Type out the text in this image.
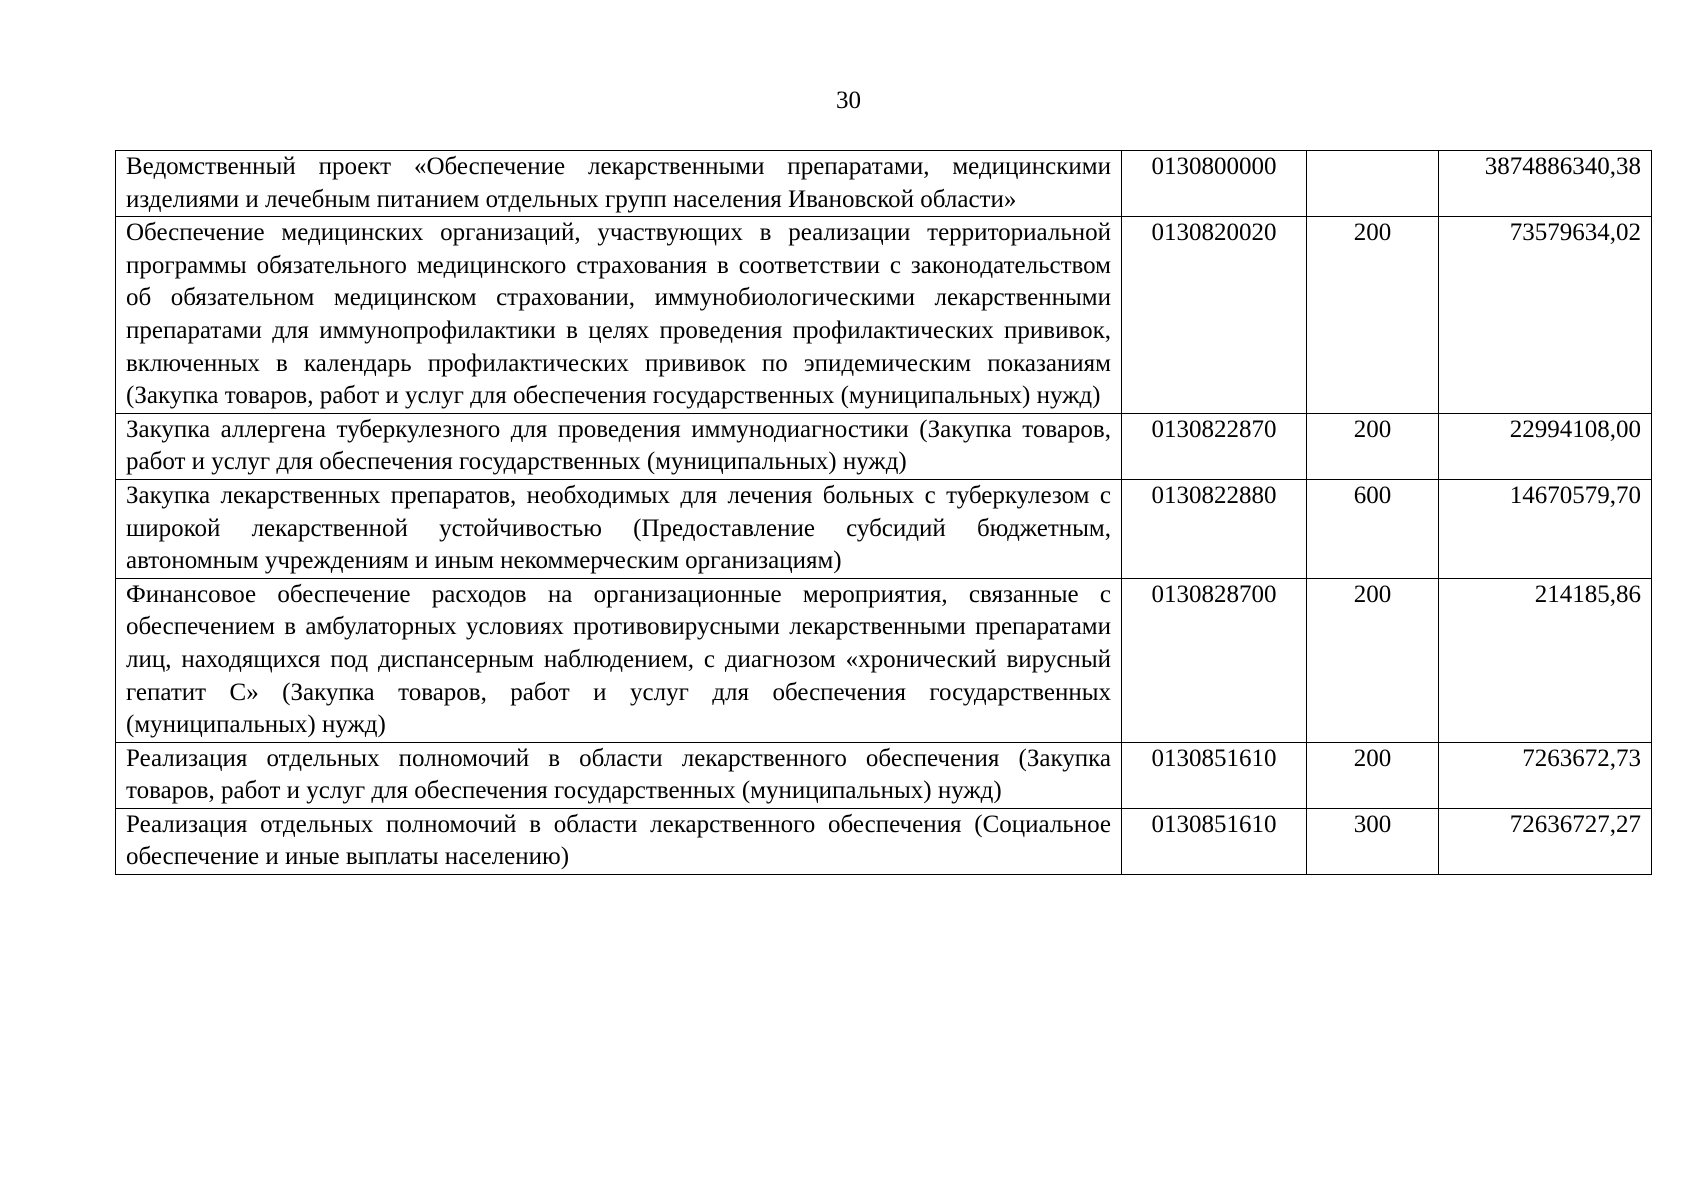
30
Ведомственный проект «Обеспечение лекарственными препаратами, медицинскими изделиями и лечебным питанием отдельных групп населения Ивановской области»	0130800000		3874886340,38
Обеспечение медицинских организаций, участвующих в реализации территориальной программы обязательного медицинского страхования в соответствии с законодательством об обязательном медицинском страховании, иммунобиологическими лекарственными препаратами для иммунопрофилактики в целях проведения профилактических прививок, включенных в календарь профилактических прививок по эпидемическим показаниям (Закупка товаров, работ и услуг для обеспечения государственных (муниципальных) нужд)	0130820020	200	73579634,02
Закупка аллергена туберкулезного для проведения иммунодиагностики (Закупка товаров, работ и услуг для обеспечения государственных (муниципальных) нужд)	0130822870	200	22994108,00
Закупка лекарственных препаратов, необходимых для лечения больных с туберкулезом с широкой лекарственной устойчивостью (Предоставление субсидий бюджетным, автономным учреждениям и иным некоммерческим организациям)	0130822880	600	14670579,70
Финансовое обеспечение расходов на организационные мероприятия, связанные с обеспечением в амбулаторных условиях противовирусными лекарственными препаратами лиц, находящихся под диспансерным наблюдением, с диагнозом «хронический вирусный гепатит С» (Закупка товаров, работ и услуг для обеспечения государственных (муниципальных) нужд)	0130828700	200	214185,86
Реализация отдельных полномочий в области лекарственного обеспечения (Закупка товаров, работ и услуг для обеспечения государственных (муниципальных) нужд)	0130851610	200	7263672,73
Реализация отдельных полномочий в области лекарственного обеспечения (Социальное обеспечение и иные выплаты населению)	0130851610	300	72636727,27
